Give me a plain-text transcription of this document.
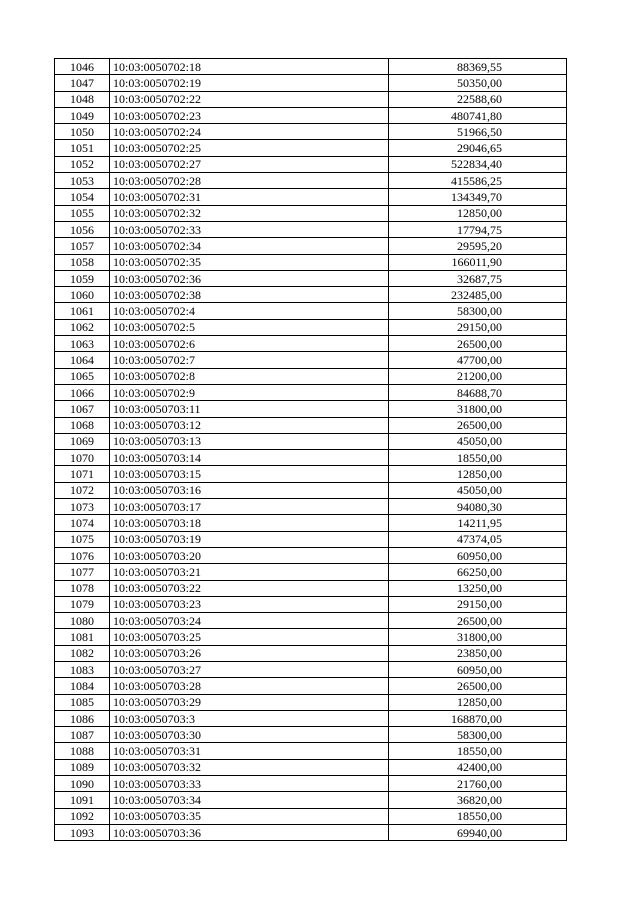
1046	10:03:0050702:18	88369,55
1047	10:03:0050702:19	50350,00
1048	10:03:0050702:22	22588,60
1049	10:03:0050702:23	480741,80
1050	10:03:0050702:24	51966,50
1051	10:03:0050702:25	29046,65
1052	10:03:0050702:27	522834,40
1053	10:03:0050702:28	415586,25
1054	10:03:0050702:31	134349,70
1055	10:03:0050702:32	12850,00
1056	10:03:0050702:33	17794,75
1057	10:03:0050702:34	29595,20
1058	10:03:0050702:35	166011,90
1059	10:03:0050702:36	32687,75
1060	10:03:0050702:38	232485,00
1061	10:03:0050702:4	58300,00
1062	10:03:0050702:5	29150,00
1063	10:03:0050702:6	26500,00
1064	10:03:0050702:7	47700,00
1065	10:03:0050702:8	21200,00
1066	10:03:0050702:9	84688,70
1067	10:03:0050703:11	31800,00
1068	10:03:0050703:12	26500,00
1069	10:03:0050703:13	45050,00
1070	10:03:0050703:14	18550,00
1071	10:03:0050703:15	12850,00
1072	10:03:0050703:16	45050,00
1073	10:03:0050703:17	94080,30
1074	10:03:0050703:18	14211,95
1075	10:03:0050703:19	47374,05
1076	10:03:0050703:20	60950,00
1077	10:03:0050703:21	66250,00
1078	10:03:0050703:22	13250,00
1079	10:03:0050703:23	29150,00
1080	10:03:0050703:24	26500,00
1081	10:03:0050703:25	31800,00
1082	10:03:0050703:26	23850,00
1083	10:03:0050703:27	60950,00
1084	10:03:0050703:28	26500,00
1085	10:03:0050703:29	12850,00
1086	10:03:0050703:3	168870,00
1087	10:03:0050703:30	58300,00
1088	10:03:0050703:31	18550,00
1089	10:03:0050703:32	42400,00
1090	10:03:0050703:33	21760,00
1091	10:03:0050703:34	36820,00
1092	10:03:0050703:35	18550,00
1093	10:03:0050703:36	69940,00
